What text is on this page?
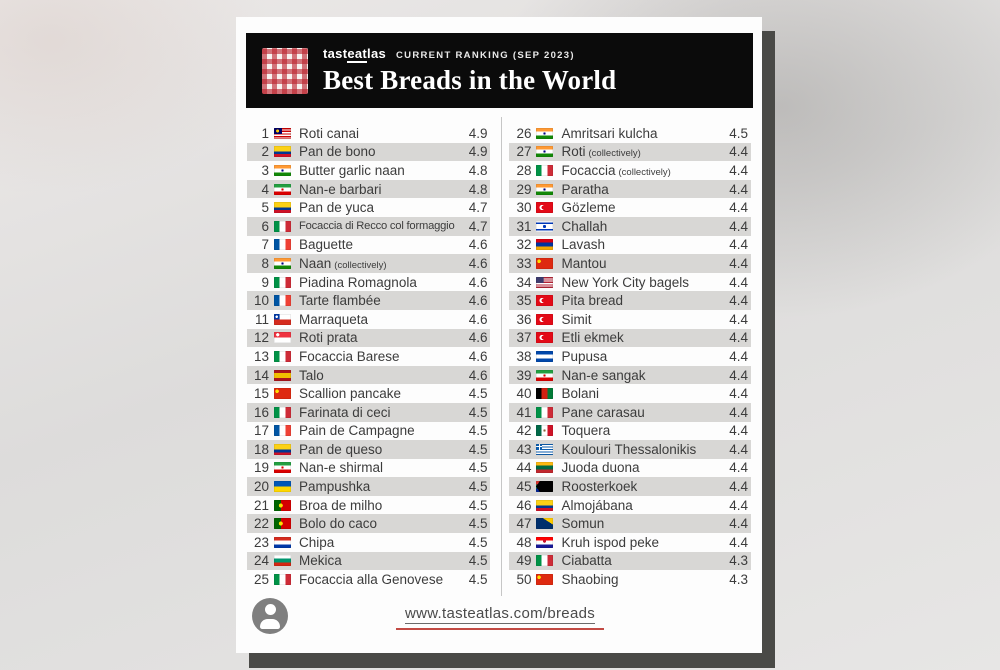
tasteatlas CURRENT RANKING (SEP 2023)
Best Breads in the World
1 Roti canai	4.9
2 Pan de bono	4.9
3 Butter garlic naan	4.8
4 Nan-e barbari	4.8
5 Pan de yuca	4.7
6	Focaccia di Recco col formaggio	4.7
7 Baguette	4.6
8 Naan (collectively)	4.6
9 Piadina Romagnola	4.6
10 Tarte flambée	4.6
11 Marraqueta	4.6
12 Roti prata	4.6
13 Focaccia Barese	4.6
14 Talo	4.6
15 Scallion pancake	4.5
16 Farinata di ceci	4.5
17 Pain de Campagne	4.5
18 Pan de queso	4.5
19 Nan-e shirmal	4.5
20 Pampushka	4.5
21 Broa de milho	4.5
22 Bolo do caco	4.5
23 Chipa	4.5
24 Mekica	4.5
25 Focaccia alla Genovese	4.5
26 Amritsari kulcha	4.5
27 Roti (collectively)	4.4
28 Focaccia (collectively)	4.4
29 Paratha	4.4
30 Gözleme	4.4
31 Challah	4.4
32 Lavash	4.4
33 Mantou	4.4
34 New York City bagels	4.4
35 Pita bread	4.4
36 Simit	4.4
37 Etli ekmek	4.4
38 Pupusa	4.4
39 Nan-e sangak	4.4
40 Bolani	4.4
41 Pane carasau	4.4
42 Toquera	4.4
43 Koulouri Thessalonikis	4.4
44 Juoda duona	4.4
45 Roosterkoek	4.4
46 Almojábana	4.4
47 Somun	4.4
48 Kruh ispod peke	4.4
49 Ciabatta	4.3
50 Shaobing	4.3
www.tasteatlas.com/breads
